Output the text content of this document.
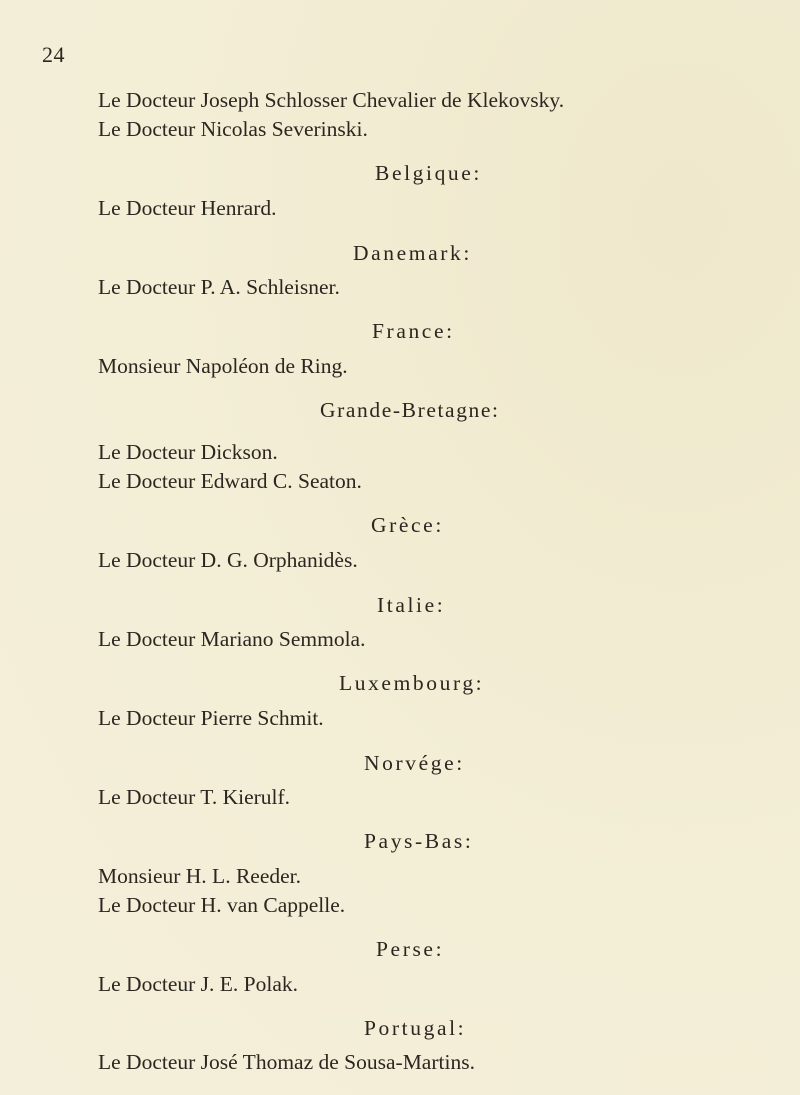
24
Le Docteur Joseph Schlosser Chevalier de Klekovsky.
Le Docteur Nicolas Severinski.
Belgique:
Le Docteur Henrard.
Danemark:
Le Docteur P. A. Schleisner.
France:
Monsieur Napoléon de Ring.
Grande-Bretagne:
Le Docteur Dickson.
Le Docteur Edward C. Seaton.
Grèce:
Le Docteur D. G. Orphanidès.
Italie:
Le Docteur Mariano Semmola.
Luxembourg:
Le Docteur Pierre Schmit.
Norvége:
Le Docteur T. Kierulf.
Pays-Bas:
Monsieur H. L. Reeder.
Le Docteur H. van Cappelle.
Perse:
Le Docteur J. E. Polak.
Portugal:
Le Docteur José Thomaz de Sousa-Martins.
